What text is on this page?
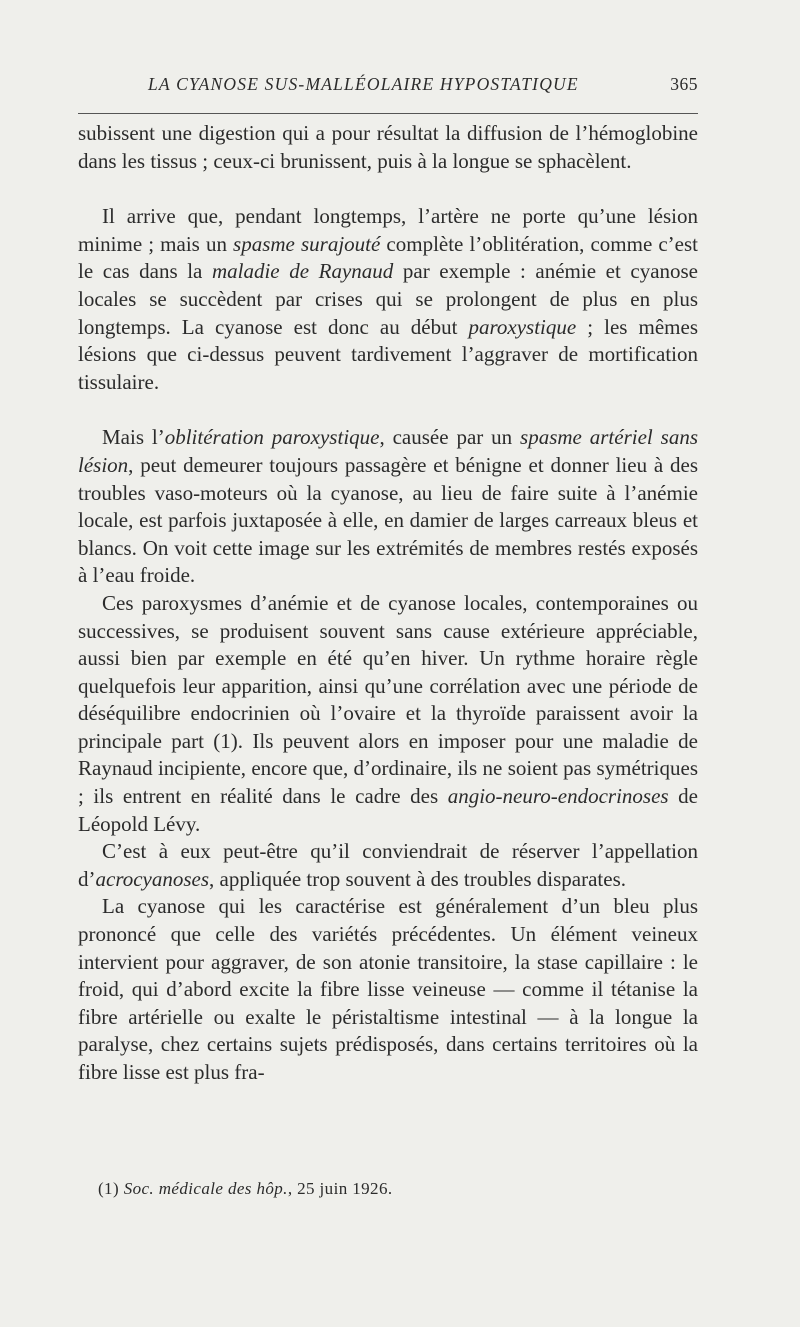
LA CYANOSE SUS-MALLÉOLAIRE HYPOSTATIQUE	365

subissent une digestion qui a pour résultat la diffusion de l’hémoglobine dans les tissus ; ceux-ci brunissent, puis à la longue se sphacèlent.

Il arrive que, pendant longtemps, l’artère ne porte qu’une lésion minime ; mais un spasme surajouté complète l’oblitération, comme c’est le cas dans la maladie de Raynaud par exemple : anémie et cyanose locales se succèdent par crises qui se prolongent de plus en plus longtemps. La cyanose est donc au début paroxystique ; les mêmes lésions que ci-dessus peuvent tardivement l’aggraver de mortification tissulaire.

Mais l’oblitération paroxystique, causée par un spasme artériel sans lésion, peut demeurer toujours passagère et bénigne et donner lieu à des troubles vaso-moteurs où la cyanose, au lieu de faire suite à l’anémie locale, est parfois juxtaposée à elle, en damier de larges carreaux bleus et blancs. On voit cette image sur les extrémités de membres restés exposés à l’eau froide.

Ces paroxysmes d’anémie et de cyanose locales, contemporaines ou successives, se produisent souvent sans cause extérieure appréciable, aussi bien par exemple en été qu’en hiver. Un rythme horaire règle quelquefois leur apparition, ainsi qu’une corrélation avec une période de déséquilibre endocrinien où l’ovaire et la thyroïde paraissent avoir la principale part (1). Ils peuvent alors en imposer pour une maladie de Raynaud incipiente, encore que, d’ordinaire, ils ne soient pas symétriques ; ils entrent en réalité dans le cadre des angio-neuro-endocrinoses de Léopold Lévy.

C’est à eux peut-être qu’il conviendrait de réserver l’appellation d’acrocyanoses, appliquée trop souvent à des troubles disparates.

La cyanose qui les caractérise est généralement d’un bleu plus prononcé que celle des variétés précédentes. Un élément veineux intervient pour aggraver, de son atonie transitoire, la stase capillaire : le froid, qui d’abord excite la fibre lisse veineuse — comme il tétanise la fibre artérielle ou exalte le péristaltisme intestinal — à la longue la paralyse, chez certains sujets prédisposés, dans certains territoires où la fibre lisse est plus fra-

(1) Soc. médicale des hôp., 25 juin 1926.
